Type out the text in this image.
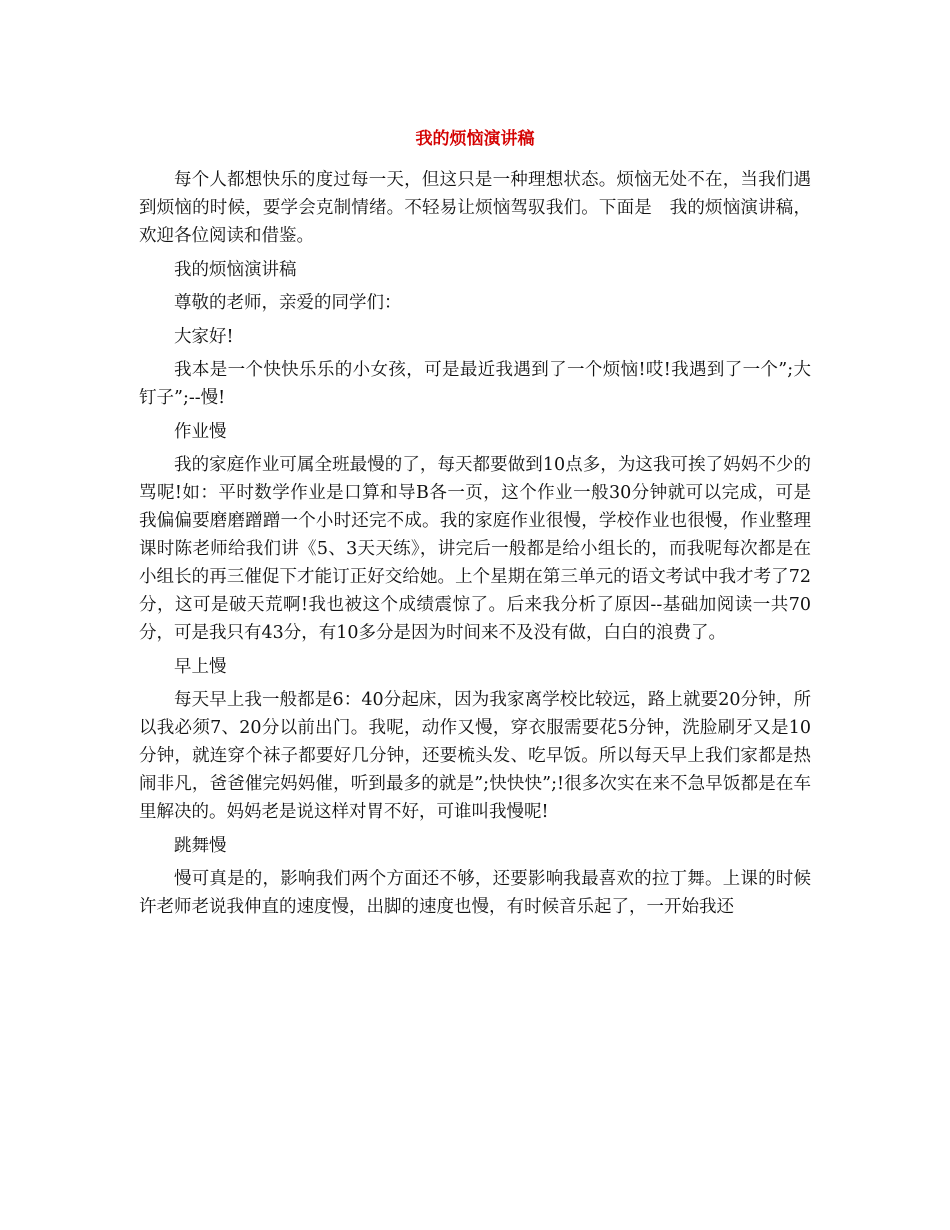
我的烦恼演讲稿

每个人都想快乐的度过每一天，但这只是一种理想状态。烦恼无处不在，当我们遇到烦恼的时候，要学会克制情绪。不轻易让烦恼驾驭我们。下面是　我的烦恼演讲稿，欢迎各位阅读和借鉴。

我的烦恼演讲稿

尊敬的老师，亲爱的同学们：

大家好!

我本是一个快快乐乐的小女孩，可是最近我遇到了一个烦恼!哎!我遇到了一个”;大钉子”;--慢!

作业慢

我的家庭作业可属全班最慢的了，每天都要做到10点多，为这我可挨了妈妈不少的骂呢!如：平时数学作业是口算和导B各一页，这个作业一般30分钟就可以完成，可是我偏偏要磨磨蹭蹭一个小时还完不成。我的家庭作业很慢，学校作业也很慢，作业整理课时陈老师给我们讲《5、3天天练》，讲完后一般都是给小组长的，而我呢每次都是在小组长的再三催促下才能订正好交给她。上个星期在第三单元的语文考试中我才考了72分，这可是破天荒啊!我也被这个成绩震惊了。后来我分析了原因--基础加阅读一共70分，可是我只有43分，有10多分是因为时间来不及没有做，白白的浪费了。

早上慢

每天早上我一般都是6：40分起床，因为我家离学校比较远，路上就要20分钟，所以我必须7、20分以前出门。我呢，动作又慢，穿衣服需要花5分钟，洗脸刷牙又是10分钟，就连穿个袜子都要好几分钟，还要梳头发、吃早饭。所以每天早上我们家都是热闹非凡，爸爸催完妈妈催，听到最多的就是”;快快快”;!很多次实在来不急早饭都是在车里解决的。妈妈老是说这样对胃不好，可谁叫我慢呢!

跳舞慢

慢可真是的，影响我们两个方面还不够，还要影响我最喜欢的拉丁舞。上课的时候许老师老说我伸直的速度慢，出脚的速度也慢，有时候音乐起了，一开始我还
